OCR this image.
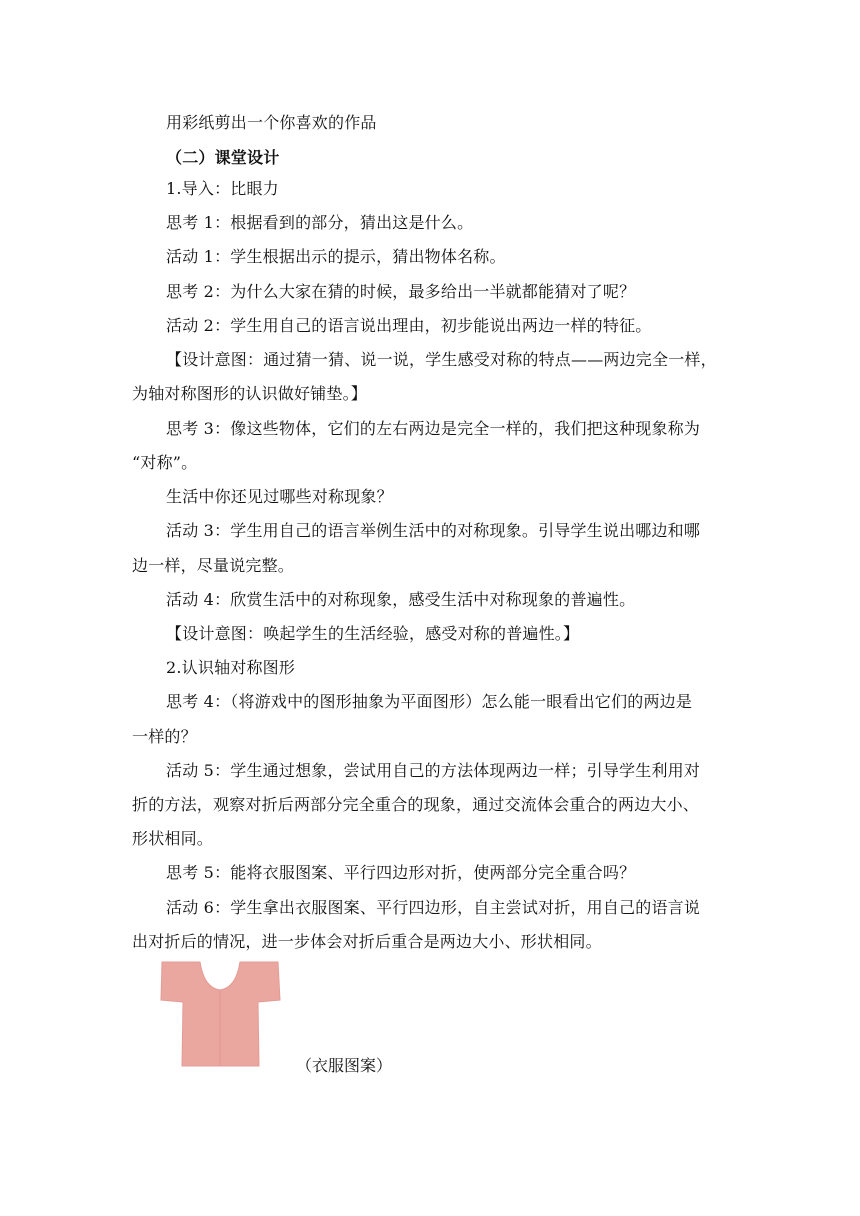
用彩纸剪出一个你喜欢的作品
（二）课堂设计
1.导入：比眼力
思考 1：根据看到的部分，猜出这是什么。
活动 1：学生根据出示的提示，猜出物体名称。
思考 2：为什么大家在猜的时候，最多给出一半就都能猜对了呢？
活动 2：学生用自己的语言说出理由，初步能说出两边一样的特征。
【设计意图：通过猜一猜、说一说，学生感受对称的特点——两边完全一样，
为轴对称图形的认识做好铺垫。】
思考 3：像这些物体，它们的左右两边是完全一样的，我们把这种现象称为
“对称”。
生活中你还见过哪些对称现象？
活动 3：学生用自己的语言举例生活中的对称现象。引导学生说出哪边和哪
边一样，尽量说完整。
活动 4：欣赏生活中的对称现象，感受生活中对称现象的普遍性。
【设计意图：唤起学生的生活经验，感受对称的普遍性。】
2.认识轴对称图形
思考 4：（将游戏中的图形抽象为平面图形）怎么能一眼看出它们的两边是
一样的？
活动 5：学生通过想象，尝试用自己的方法体现两边一样；引导学生利用对
折的方法，观察对折后两部分完全重合的现象，通过交流体会重合的两边大小、
形状相同。
思考 5：能将衣服图案、平行四边形对折，使两部分完全重合吗？
活动 6：学生拿出衣服图案、平行四边形，自主尝试对折，用自己的语言说
出对折后的情况，进一步体会对折后重合是两边大小、形状相同。
（衣服图案）
